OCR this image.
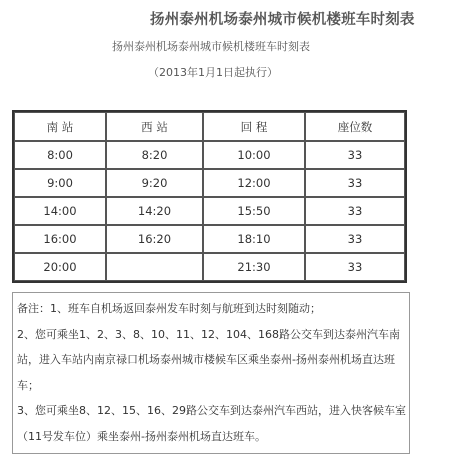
扬州泰州机场泰州城市候机楼班车时刻表
扬州泰州机场泰州城市候机楼班车时刻表
（2013年1月1日起执行）
南 站	西 站	回 程	座位数
8:00	8:20	10:00	33
9:00	9:20	12:00	33
14:00	14:20	15:50	33
16:00	16:20	18:10	33
20:00		21:30	33
备注：1、班车自机场返回泰州发车时刻与航班到达时刻随动；
2、您可乘坐1、2、3、8、10、11、12、104、168路公交车到达泰州汽车南
站，进入车站内南京禄口机场泰州城市楼候车区乘坐泰州-扬州泰州机场直达班
车；
3、您可乘坐8、12、15、16、29路公交车到达泰州汽车西站，进入快客候车室
（11号发车位）乘坐泰州-扬州泰州机场直达班车。
